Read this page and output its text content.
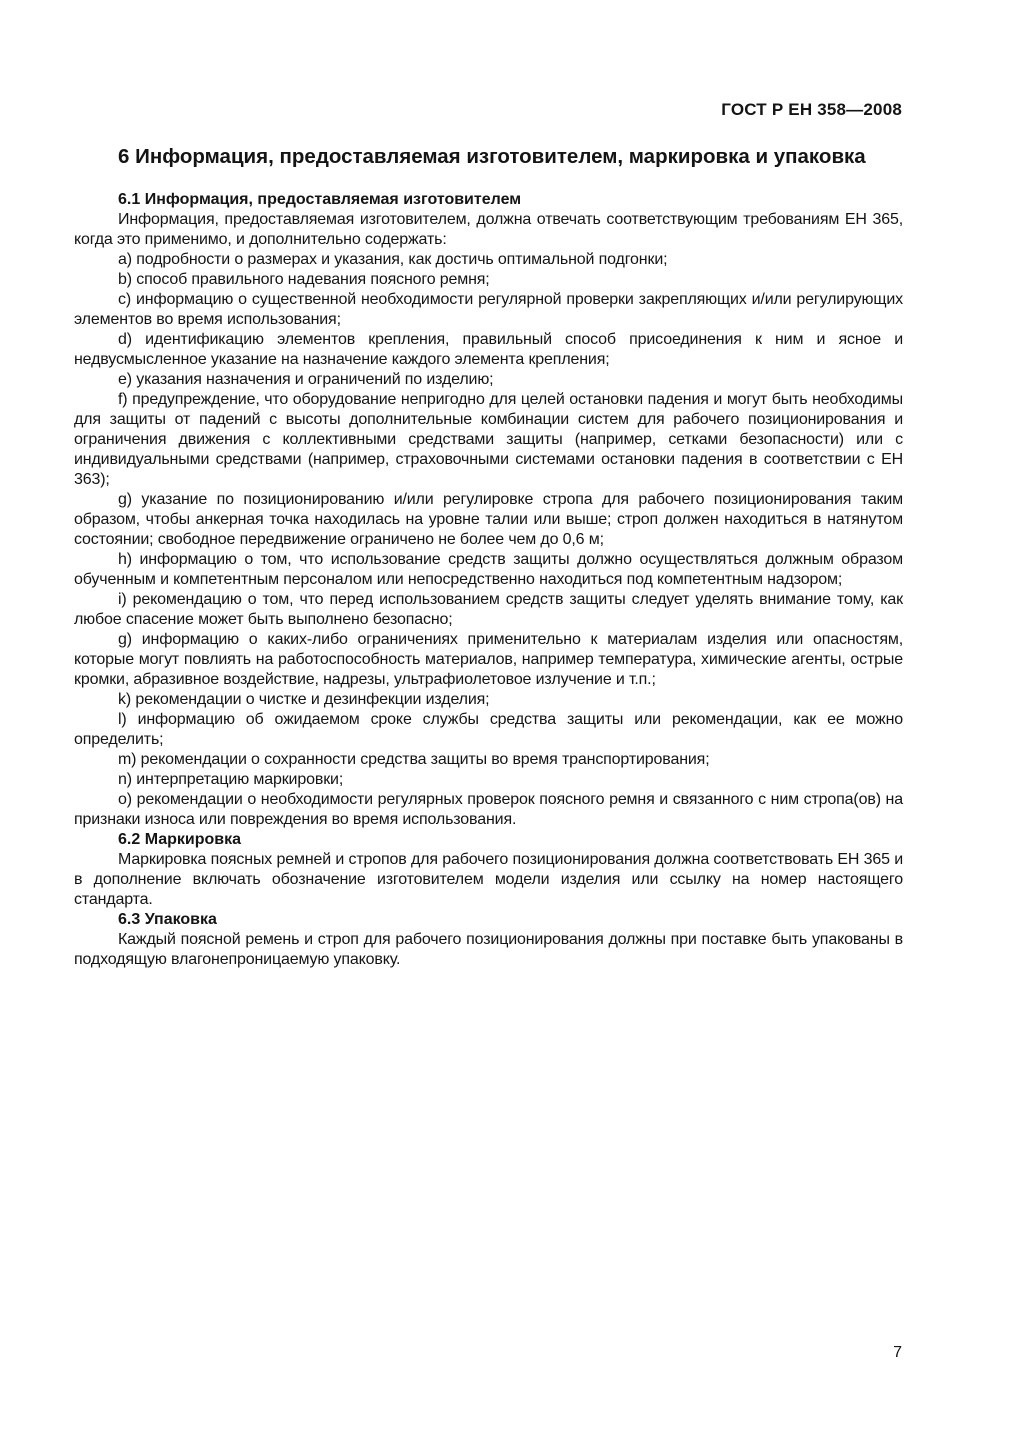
ГОСТ Р ЕН 358—2008
6 Информация, предоставляемая изготовителем, маркировка и упаковка

6.1 Информация, предоставляемая изготовителем

Информация, предоставляемая изготовителем, должна отвечать соответствующим требованиям ЕН 365, когда это применимо, и дополнительно содержать:

a) подробности о размерах и указания, как достичь оптимальной подгонки;

b) способ правильного надевания поясного ремня;

c) информацию о существенной необходимости регулярной проверки закрепляющих и/или регулирующих элементов во время использования;

d) идентификацию элементов крепления, правильный способ присоединения к ним и ясное и недвусмысленное указание на назначение каждого элемента крепления;

e) указания назначения и ограничений по изделию;

f) предупреждение, что оборудование непригодно для целей остановки падения и могут быть необходимы для защиты от падений с высоты дополнительные комбинации систем для рабочего позиционирования и ограничения движения с коллективными средствами защиты (например, сетками безопасности) или с индивидуальными средствами (например, страховочными системами остановки падения в соответствии с ЕН 363);

g) указание по позиционированию и/или регулировке стропа для рабочего позиционирования таким образом, чтобы анкерная точка находилась на уровне талии или выше; строп должен находиться в натянутом состоянии; свободное передвижение ограничено не более чем до 0,6 м;

h) информацию о том, что использование средств защиты должно осуществляться должным образом обученным и компетентным персоналом или непосредственно находиться под компетентным надзором;

i) рекомендацию о том, что перед использованием средств защиты следует уделять внимание тому, как любое спасение может быть выполнено безопасно;

g) информацию о каких-либо ограничениях применительно к материалам изделия или опасностям, которые могут повлиять на работоспособность материалов, например температура, химические агенты, острые кромки, абразивное воздействие, надрезы, ультрафиолетовое излучение и т.п.;

k) рекомендации о чистке и дезинфекции изделия;

l) информацию об ожидаемом сроке службы средства защиты или рекомендации, как ее можно определить;

m) рекомендации о сохранности средства защиты во время транспортирования;

n) интерпретацию маркировки;

o) рекомендации о необходимости регулярных проверок поясного ремня и связанного с ним стропа(ов) на признаки износа или повреждения во время использования.

6.2 Маркировка

Маркировка поясных ремней и стропов для рабочего позиционирования должна соответствовать ЕН 365 и в дополнение включать обозначение изготовителем модели изделия или ссылку на номер настоящего стандарта.

6.3 Упаковка

Каждый поясной ремень и строп для рабочего позиционирования должны при поставке быть упакованы в подходящую влагонепроницаемую упаковку.

7
